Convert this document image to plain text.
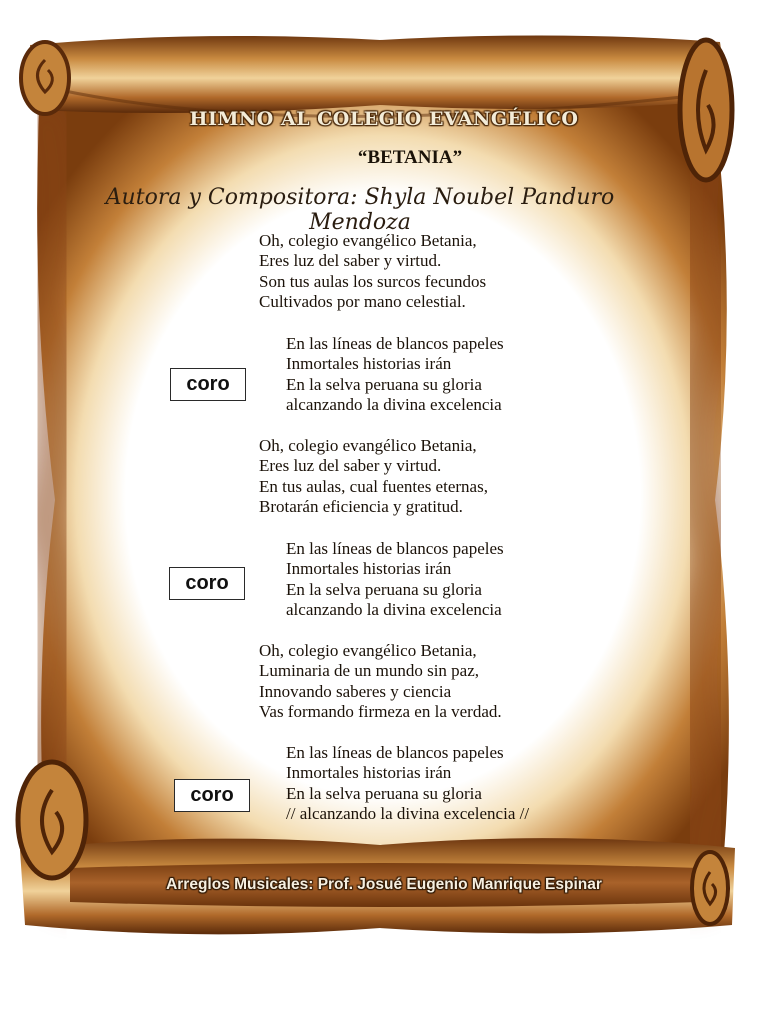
HIMNO AL COLEGIO EVANGÉLICO
“BETANIA”
Autora y Compositora: Shyla Noubel Panduro Mendoza
Oh, colegio evangélico Betania,
Eres luz del saber y virtud.
Son tus aulas los surcos fecundos
Cultivados por mano celestial.
En las líneas de blancos papeles
Inmortales historias irán
En la selva peruana su gloria
alcanzando la divina excelencia
Oh, colegio evangélico Betania,
Eres luz del saber y virtud.
En tus aulas, cual fuentes eternas,
Brotarán eficiencia y gratitud.
En las líneas de blancos papeles
Inmortales historias irán
En la selva peruana su gloria
alcanzando la divina excelencia
Oh, colegio evangélico Betania,
Luminaria de un mundo sin paz,
Innovando saberes y ciencia
Vas formando firmeza en la verdad.
En las líneas de blancos papeles
Inmortales historias irán
En la selva peruana su gloria
// alcanzando la divina excelencia //
coro
coro
coro
Arreglos Musicales: Prof. Josué Eugenio Manrique Espinar
